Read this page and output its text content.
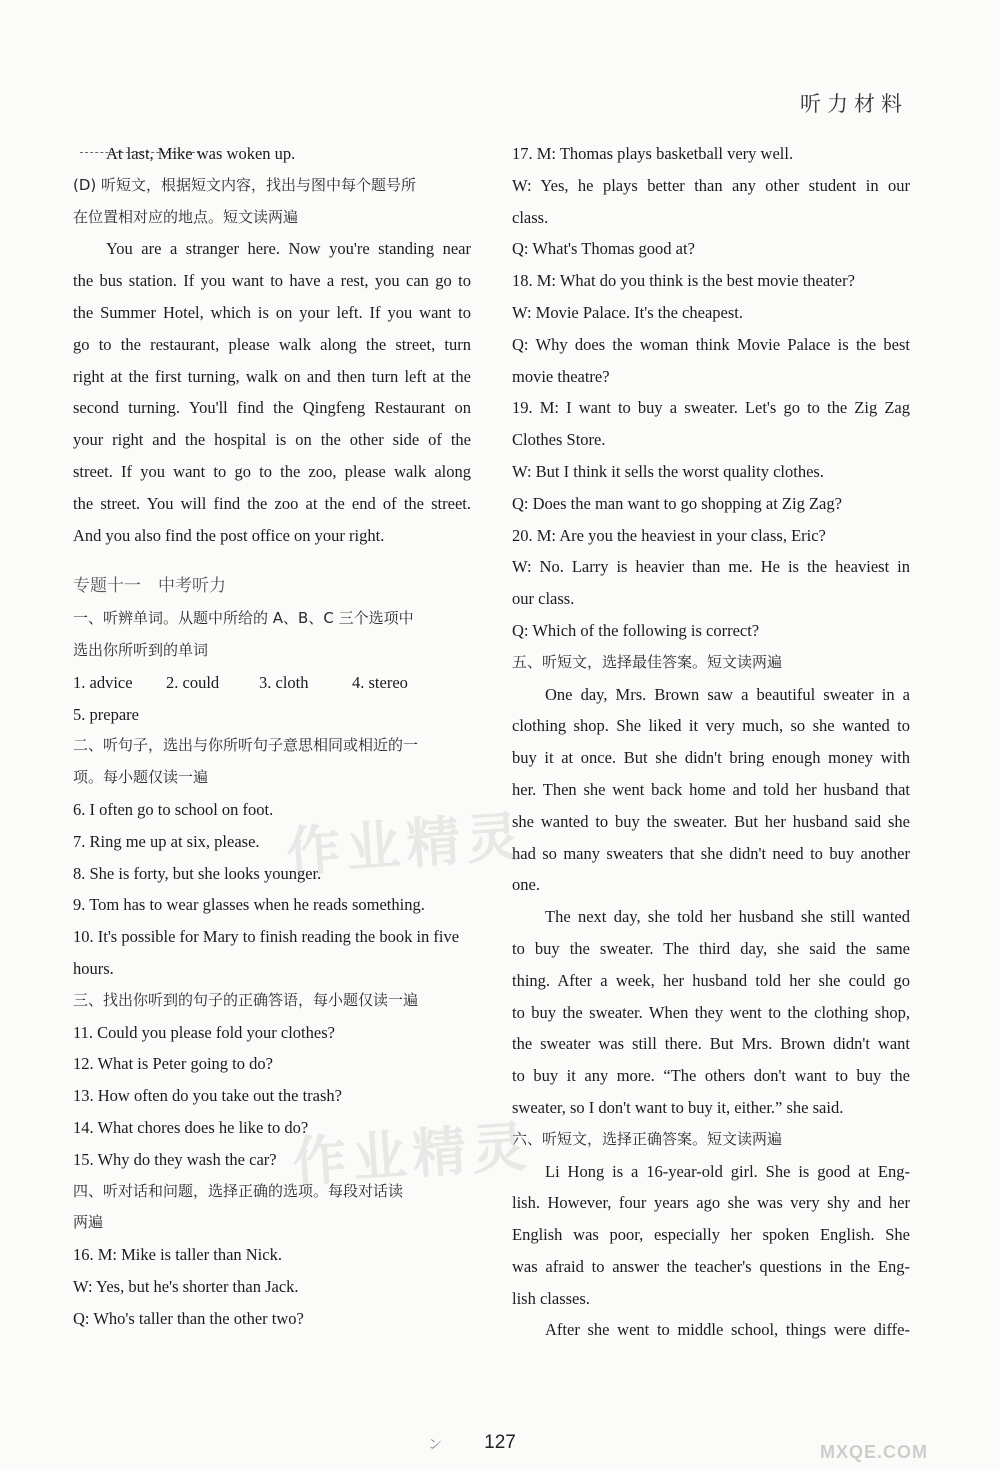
听力材料
At last, Mike was woken up.
(D) 听短文，根据短文内容，找出与图中每个题号所
在位置相对应的地点。短文读两遍
You are a stranger here. Now you're standing near
the bus station. If you want to have a rest, you can go to
the Summer Hotel, which is on your left. If you want to
go to the restaurant, please walk along the street, turn
right at the first turning, walk on and then turn left at the
second turning. You'll find the Qingfeng Restaurant on
your right and the hospital is on the other side of the
street. If you want to go to the zoo, please walk along
the street. You will find the zoo at the end of the street.
And you also find the post office on your right.
专题十一　中考听力
一、听辨单词。从题中所给的 A、B、C 三个选项中
选出你所听到的单词
1. advice 2. could 3. cloth	4. stereo
5. prepare
二、听句子，选出与你所听句子意思相同或相近的一
项。每小题仅读一遍
6. I often go to school on foot.
7. Ring me up at six, please.
8. She is forty, but she looks younger.
9. Tom has to wear glasses when he reads something.
10. It's possible for Mary to finish reading the book in five
hours.
三、找出你听到的句子的正确答语，每小题仅读一遍
11. Could you please fold your clothes?
12. What is Peter going to do?
13. How often do you take out the trash?
14. What chores does he like to do?
15. Why do they wash the car?
四、听对话和问题，选择正确的选项。每段对话读
两遍
16. M: Mike is taller than Nick.
W: Yes, but he's shorter than Jack.
Q: Who's taller than the other two?
17. M: Thomas plays basketball very well.
W: Yes, he plays better than any other student in our
class.
Q: What's Thomas good at?
18. M: What do you think is the best movie theater?
W: Movie Palace. It's the cheapest.
Q: Why does the woman think Movie Palace is the best
movie theatre?
19. M: I want to buy a sweater. Let's go to the Zig Zag
Clothes Store.
W: But I think it sells the worst quality clothes.
Q: Does the man want to go shopping at Zig Zag?
20. M: Are you the heaviest in your class, Eric?
W: No. Larry is heavier than me. He is the heaviest in
our class.
Q: Which of the following is correct?
五、听短文，选择最佳答案。短文读两遍
One day, Mrs. Brown saw a beautiful sweater in a
clothing shop. She liked it very much, so she wanted to
buy it at once. But she didn't bring enough money with
her. Then she went back home and told her husband that
she wanted to buy the sweater. But her husband said she
had so many sweaters that she didn't need to buy another
one.
The next day, she told her husband she still wanted
to buy the sweater. The third day, she said the same
thing. After a week, her husband told her she could go
to buy the sweater. When they went to the clothing shop,
the sweater was still there. But Mrs. Brown didn't want
to buy it any more. “The others don't want to buy the
sweater, so I don't want to buy it, either.” she said.
六、听短文，选择正确答案。短文读两遍
Li Hong is a 16-year-old girl. She is good at Eng-
lish. However, four years ago she was very shy and her
English was poor, especially her spoken English. She
was afraid to answer the teacher's questions in the Eng-
lish classes.
After she went to middle school, things were diffe-
作业精灵
作业精灵
ン	127	MXQE.COM
